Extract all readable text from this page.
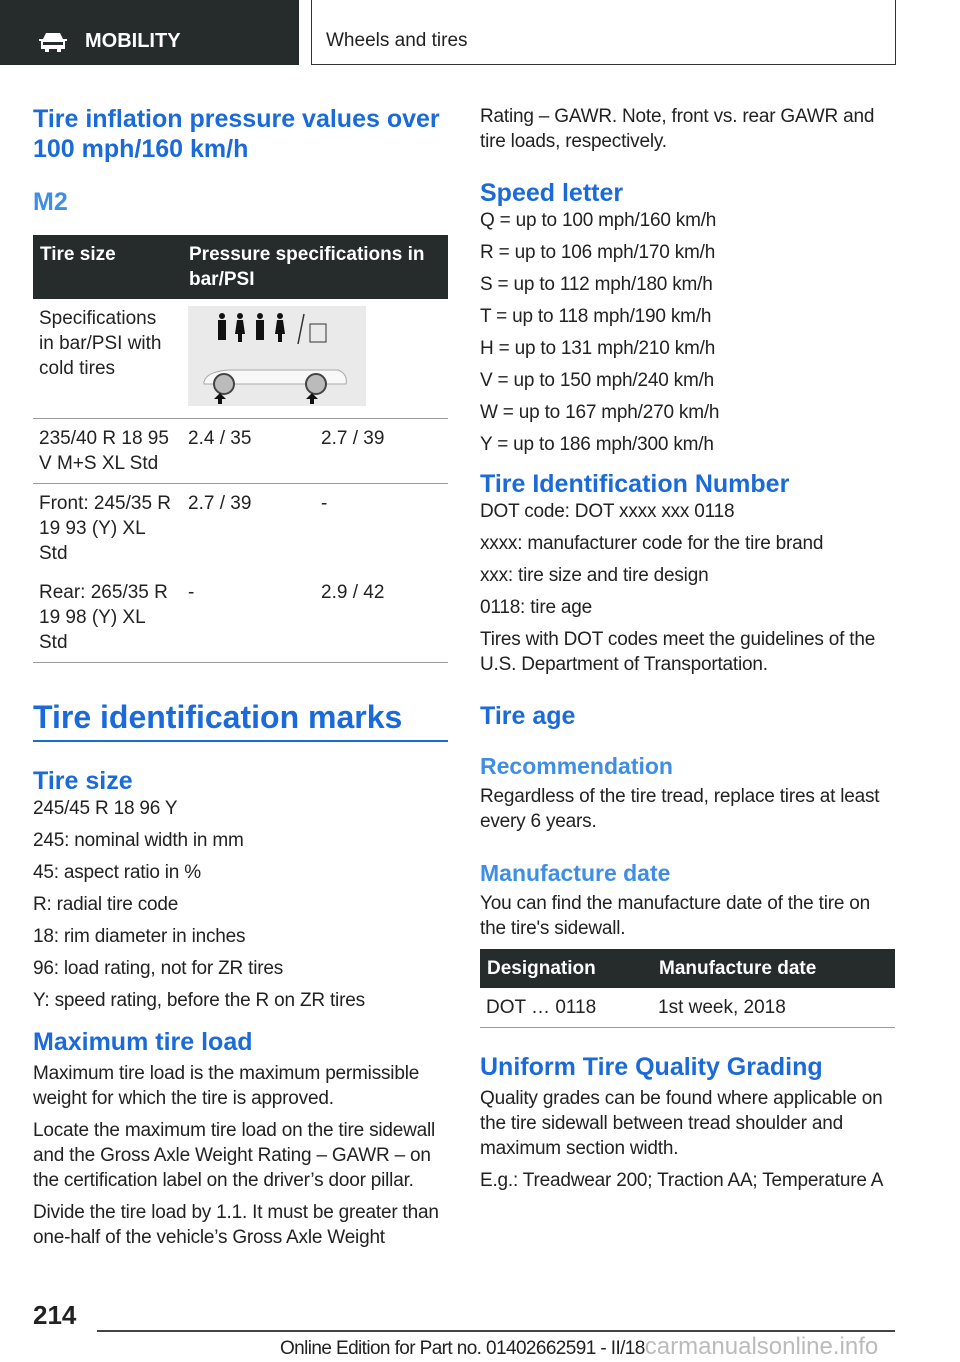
MOBILITY	Wheels and tires
Tire inflation pressure values over 100 mph/160 km/h
M2
Tire size	Pressure specifications in bar/PSI	
Specifications in bar/PSI with cold tires	

235/40 R 18 95 V M+S XL Std	2.4 / 35	2.7 / 39
Front: 245/35 R 19 93 (Y) XL Std	2.7 / 39	-
Rear: 265/35 R 19 98 (Y) XL Std	-	2.9 / 42
Tire identification marks
Tire size

245/45 R 18 96 Y

245: nominal width in mm

45: aspect ratio in %

R: radial tire code

18: rim diameter in inches

96: load rating, not for ZR tires

Y: speed rating, before the R on ZR tires

Maximum tire load

Maximum tire load is the maximum permissible weight for which the tire is approved.

Locate the maximum tire load on the tire sidewall and the Gross Axle Weight Rating – GAWR – on the certification label on the driver’s door pillar.

Divide the tire load by 1.1. It must be greater than one-half of the vehicle’s Gross Axle Weight

Rating – GAWR. Note, front vs. rear GAWR and tire loads, respectively.

Speed letter

Q = up to 100 mph/160 km/h

R = up to 106 mph/170 km/h

S = up to 112 mph/180 km/h

T = up to 118 mph/190 km/h

H = up to 131 mph/210 km/h

V = up to 150 mph/240 km/h

W = up to 167 mph/270 km/h

Y = up to 186 mph/300 km/h

Tire Identification Number

DOT code: DOT xxxx xxx 0118

xxxx: manufacturer code for the tire brand

xxx: tire size and tire design

0118: tire age

Tires with DOT codes meet the guidelines of the U.S. Department of Transportation.

Tire age
Recommendation

Regardless of the tire tread, replace tires at least every 6 years.

Manufacture date

You can find the manufacture date of the tire on the tire's sidewall.

Designation	Manufacture date
DOT … 0118	1st week, 2018
Uniform Tire Quality Grading

Quality grades can be found where applicable on the tire sidewall between tread shoulder and maximum section width.

E.g.: Treadwear 200; Traction AA; Temperature A

214
Online Edition for Part no. 01402662591 - II/18carmanualsonline.info
